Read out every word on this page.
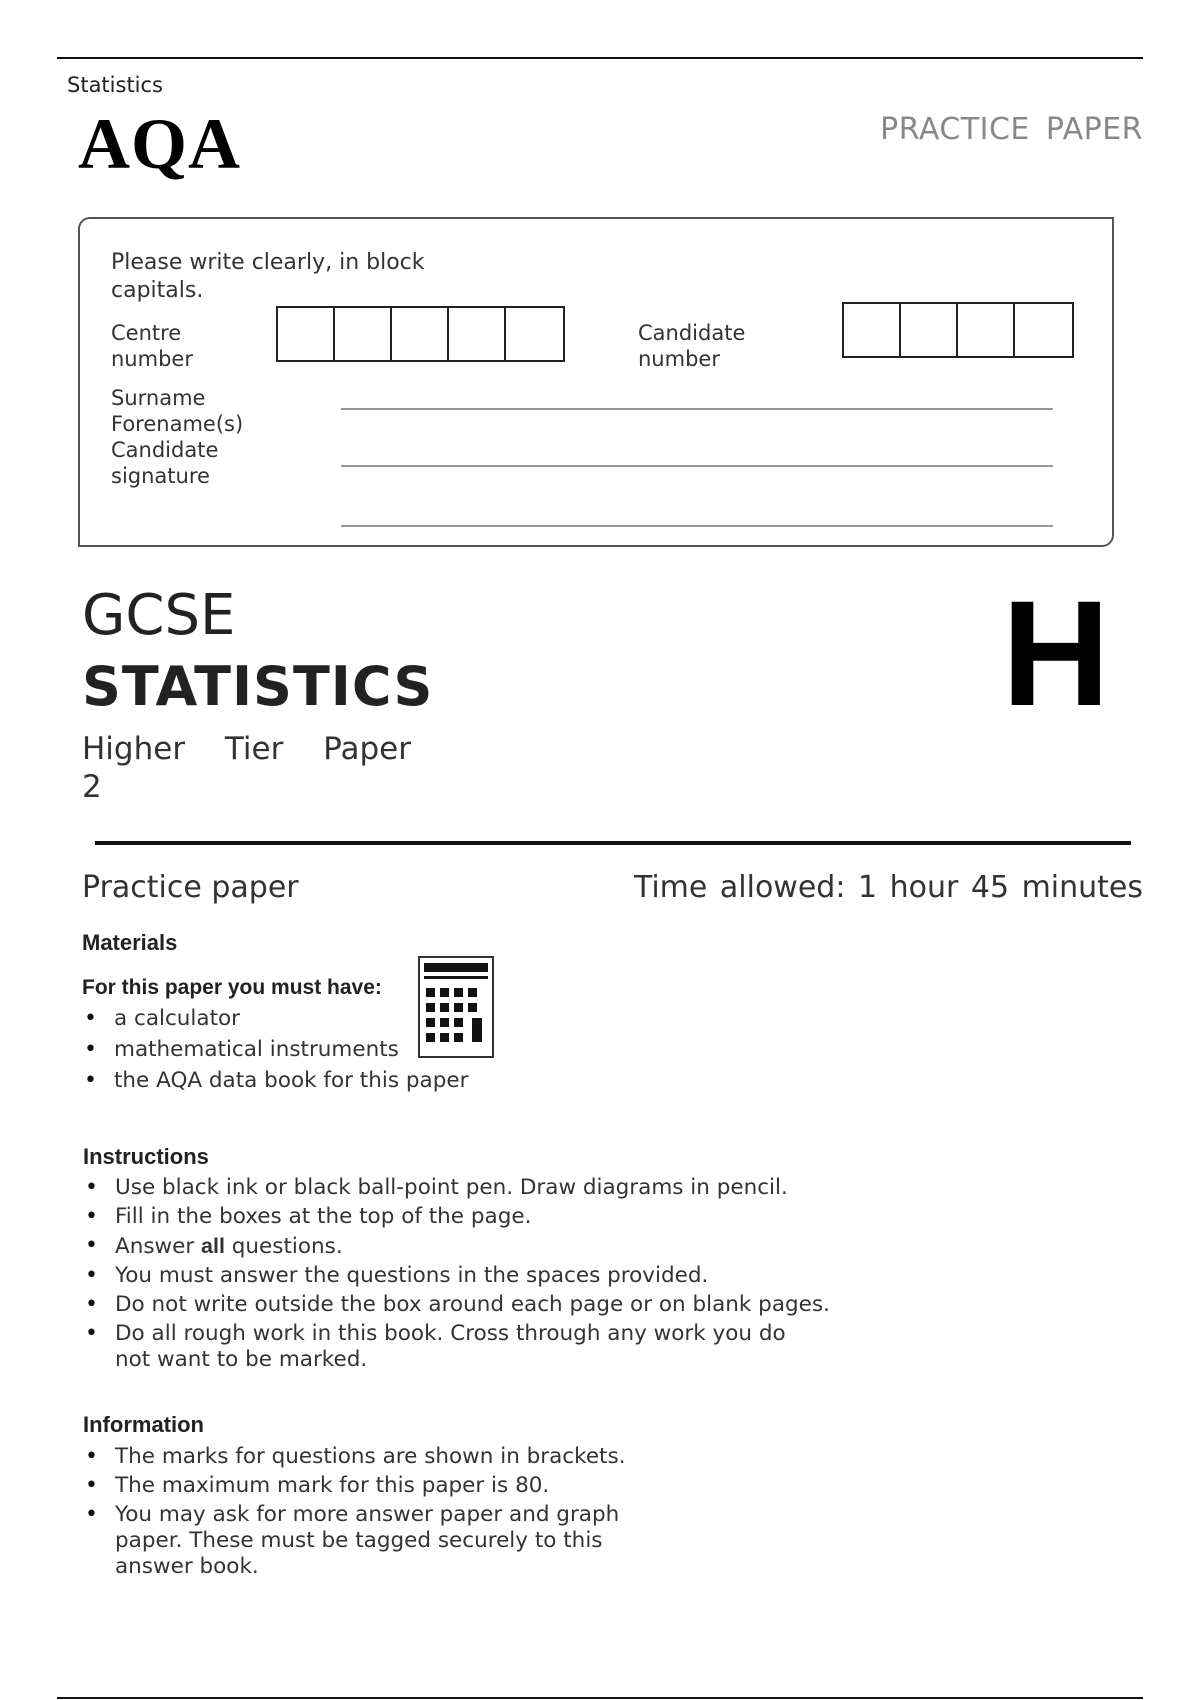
Statistics
AQA	PRACTICE PAPER
Please write clearly, in block capitals.
Centre number
Candidate number
Surname
Forename(s)
Candidate signature
GCSE
STATISTICS
Higher Tier Paper 2
H
Practice paper	Time allowed: 1 hour 45 minutes
Materials
For this paper you must have:
• a calculator
• mathematical instruments
• the AQA data book for this paper
Instructions
• Use black ink or black ball-point pen. Draw diagrams in pencil.
• Fill in the boxes at the top of the page.
• Answer all questions.
• You must answer the questions in the spaces provided.
• Do not write outside the box around each page or on blank pages.
• Do all rough work in this book. Cross through any work you do not want to be marked.
Information
• The marks for questions are shown in brackets.
• The maximum mark for this paper is 80.
• You may ask for more answer paper and graph paper. These must be tagged securely to this answer book.
